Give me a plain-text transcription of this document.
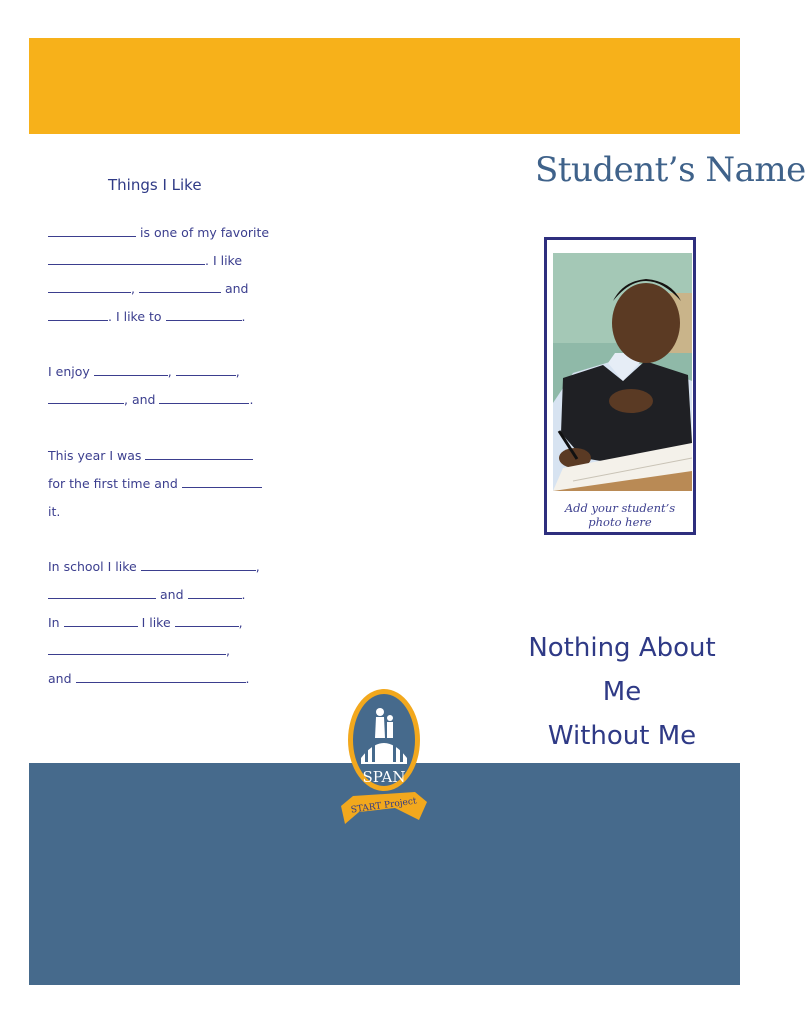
Things I Like
is one of my favorite
. I like
,	and
. I like to	.
I enjoy	,	,
, and	.
This year I was
for the first time and
it.
In school I like	,
and	.
In	I like	,
,
and	.
Student’s Name
Add your student’s photo here
Nothing About Me
Without Me
SPAN
START Project
